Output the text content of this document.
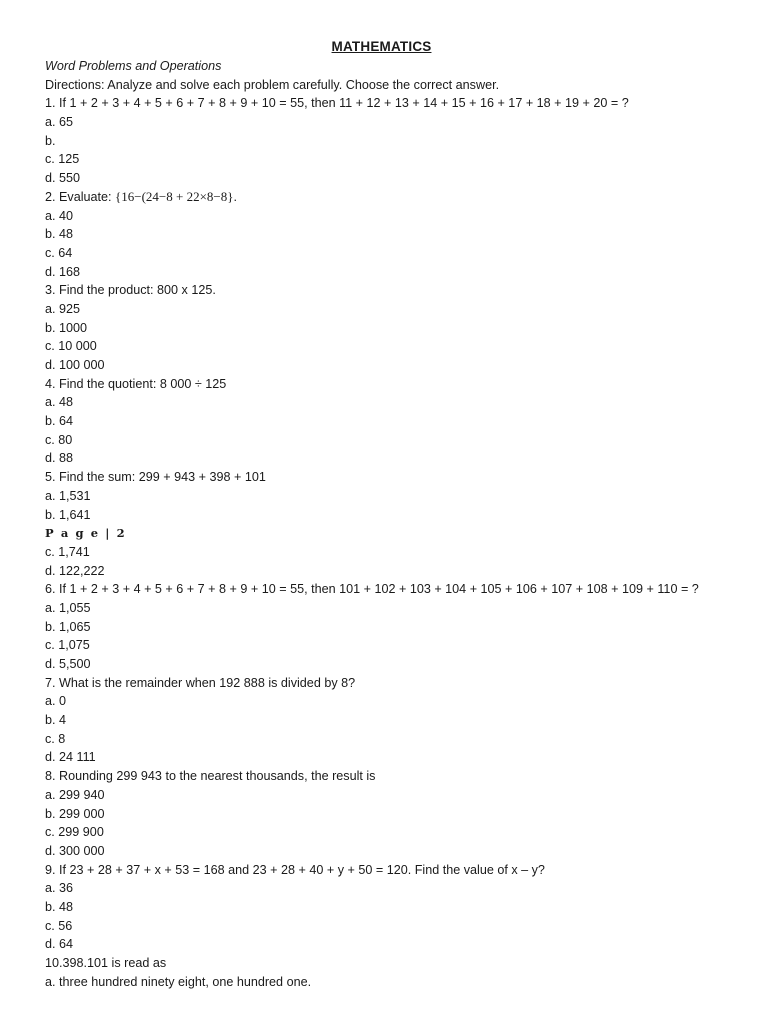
MATHEMATICS
Word Problems and Operations
Directions: Analyze and solve each problem carefully. Choose the correct answer.
1. If 1 + 2 + 3 + 4 + 5 + 6 + 7 + 8 + 9 + 10 = 55, then 11 + 12 + 13 + 14 + 15 + 16 + 17 + 18 + 19 + 20 = ?
a. 65
b.
c. 125
d. 550
2. Evaluate: {16−(24−8 + 22×8−8}.
a. 40
b. 48
c. 64
d. 168
3. Find the product: 800 x 125.
a. 925
b. 1000
c. 10 000
d. 100 000
4. Find the quotient: 8 000 ÷ 125
a. 48
b. 64
c. 80
d. 88
5. Find the sum: 299 + 943 + 398 + 101
a. 1,531
b. 1,641
P a g e | 2
c. 1,741
d. 122,222
6. If 1 + 2 + 3 + 4 + 5 + 6 + 7 + 8 + 9 + 10 = 55, then 101 + 102 + 103 + 104 + 105 + 106 + 107 + 108 + 109 + 110 = ?
a. 1,055
b. 1,065
c. 1,075
d. 5,500
7. What is the remainder when 192 888 is divided by 8?
a. 0
b. 4
c. 8
d. 24 111
8. Rounding 299 943 to the nearest thousands, the result is
a. 299 940
b. 299 000
c. 299 900
d. 300 000
9. If 23 + 28 + 37 + x + 53 = 168 and 23 + 28 + 40 + y + 50 = 120. Find the value of x – y?
a. 36
b. 48
c. 56
d. 64
10.398.101 is read as
a. three hundred ninety eight, one hundred one.
